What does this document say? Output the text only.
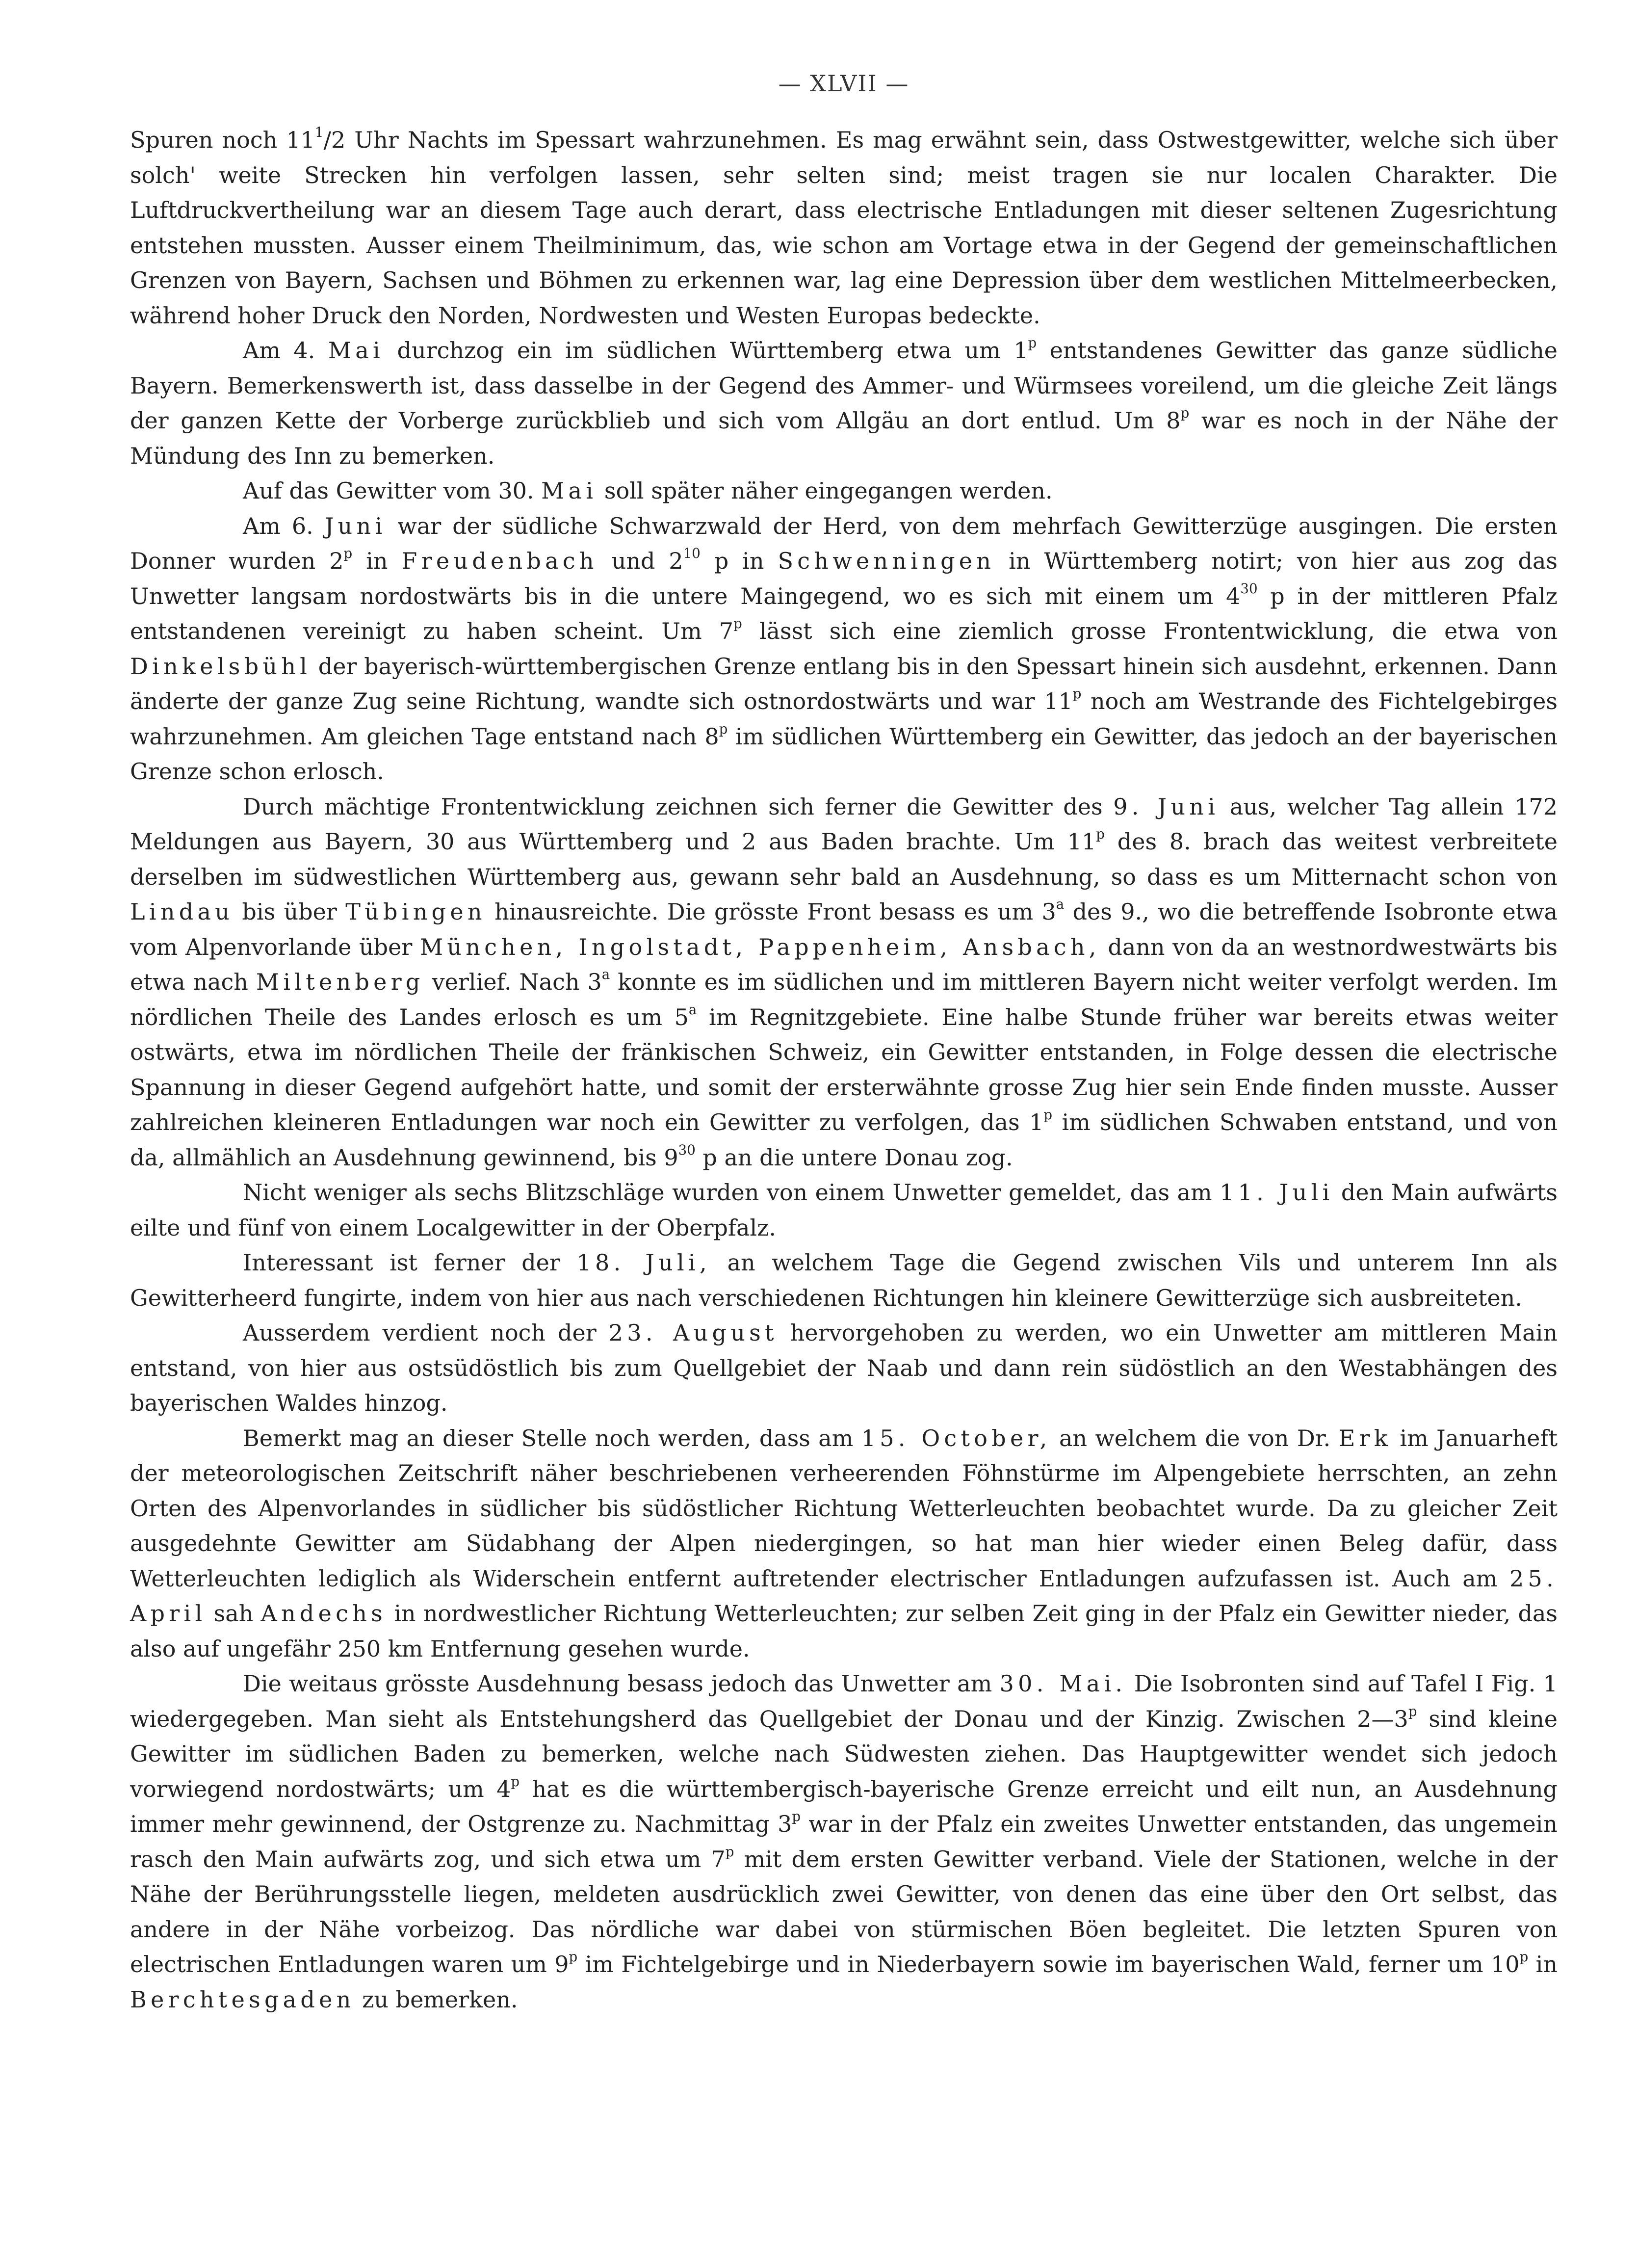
— XLVII —

Spuren noch $11^1/2$ Uhr Nachts im Spessart wahrzunehmen. Es mag erwähnt sein, dass Ostwestgewitter, welche sich über solch' weite Strecken hin verfolgen lassen, sehr selten sind; meist tragen sie nur localen Charakter. Die Luftdruckvertheilung war an diesem Tage auch derart, dass electrische Entladungen mit dieser seltenen Zugesrichtung entstehen mussten. Ausser einem Theilminimum, das, wie schon am Vortage etwa in der Gegend der gemeinschaftlichen Grenzen von Bayern, Sachsen und Böhmen zu erkennen war, lag eine Depression über dem westlichen Mittelmeerbecken, während hoher Druck den Norden, Nordwesten und Westen Europas bedeckte.

Am 4. Mai durchzog ein im südlichen Württemberg etwa um 1$^p$ entstandenes Gewitter das ganze südliche Bayern. Bemerkenswerth ist, dass dasselbe in der Gegend des Ammer- und Würmsees voreilend, um die gleiche Zeit längs der ganzen Kette der Vorberge zurückblieb und sich vom Allgäu an dort entlud. Um 8$^p$ war es noch in der Nähe der Mündung des Inn zu bemerken.

Auf das Gewitter vom 30. Mai soll später näher eingegangen werden.

Am 6. Juni war der südliche Schwarzwald der Herd, von dem mehrfach Gewitterzüge ausgingen. Die ersten Donner wurden 2$^p$ in Freudenbach und $2^{10}$ p in Schwenningen in Württemberg notirt; von hier aus zog das Unwetter langsam nordostwärts bis in die untere Maingegend, wo es sich mit einem um $4^{30}$ p in der mittleren Pfalz entstandenen vereinigt zu haben scheint. Um 7$^p$ lässt sich eine ziemlich grosse Frontentwicklung, die etwa von Dinkelsbühl der bayerisch-württembergischen Grenze entlang bis in den Spessart hinein sich ausdehnt, erkennen. Dann änderte der ganze Zug seine Richtung, wandte sich ostnordostwärts und war 11$^p$ noch am Westrande des Fichtelgebirges wahrzunehmen. Am gleichen Tage entstand nach 8$^p$ im südlichen Württemberg ein Gewitter, das jedoch an der bayerischen Grenze schon erlosch.

Durch mächtige Frontentwicklung zeichnen sich ferner die Gewitter des 9. Juni aus, welcher Tag allein 172 Meldungen aus Bayern, 30 aus Württemberg und 2 aus Baden brachte. Um 11$^p$ des 8. brach das weitest verbreitete derselben im südwestlichen Württemberg aus, gewann sehr bald an Ausdehnung, so dass es um Mitternacht schon von Lindau bis über Tübingen hinausreichte. Die grösste Front besass es um 3$^a$ des 9., wo die betreffende Isobronte etwa vom Alpenvorlande über München, Ingolstadt, Pappenheim, Ansbach, dann von da an westnordwestwärts bis etwa nach Miltenberg verlief. Nach 3$^a$ konnte es im südlichen und im mittleren Bayern nicht weiter verfolgt werden. Im nördlichen Theile des Landes erlosch es um 5$^a$ im Regnitzgebiete. Eine halbe Stunde früher war bereits etwas weiter ostwärts, etwa im nördlichen Theile der fränkischen Schweiz, ein Gewitter entstanden, in Folge dessen die electrische Spannung in dieser Gegend aufgehört hatte, und somit der ersterwähnte grosse Zug hier sein Ende finden musste. Ausser zahlreichen kleineren Entladungen war noch ein Gewitter zu verfolgen, das 1$^p$ im südlichen Schwaben entstand, und von da, allmählich an Ausdehnung gewinnend, bis $9^{30}$ p an die untere Donau zog.

Nicht weniger als sechs Blitzschläge wurden von einem Unwetter gemeldet, das am 11. Juli den Main aufwärts eilte und fünf von einem Localgewitter in der Oberpfalz.

Interessant ist ferner der 18. Juli, an welchem Tage die Gegend zwischen Vils und unterem Inn als Gewitterheerd fungirte, indem von hier aus nach verschiedenen Richtungen hin kleinere Gewitterzüge sich ausbreiteten.

Ausserdem verdient noch der 23. August hervorgehoben zu werden, wo ein Unwetter am mittleren Main entstand, von hier aus ostsüdöstlich bis zum Quellgebiet der Naab und dann rein südöstlich an den Westabhängen des bayerischen Waldes hinzog.

Bemerkt mag an dieser Stelle noch werden, dass am 15. October, an welchem die von Dr. Erk im Januarheft der meteorologischen Zeitschrift näher beschriebenen verheerenden Föhnstürme im Alpengebiete herrschten, an zehn Orten des Alpenvorlandes in südlicher bis südöstlicher Richtung Wetterleuchten beobachtet wurde. Da zu gleicher Zeit ausgedehnte Gewitter am Südabhang der Alpen niedergingen, so hat man hier wieder einen Beleg dafür, dass Wetterleuchten lediglich als Widerschein entfernt auftretender electrischer Entladungen aufzufassen ist. Auch am 25. April sah Andechs in nordwestlicher Richtung Wetterleuchten; zur selben Zeit ging in der Pfalz ein Gewitter nieder, das also auf ungefähr 250 km Entfernung gesehen wurde.

Die weitaus grösste Ausdehnung besass jedoch das Unwetter am 30. Mai. Die Isobronten sind auf Tafel I Fig. 1 wiedergegeben. Man sieht als Entstehungsherd das Quellgebiet der Donau und der Kinzig. Zwischen 2—3$^p$ sind kleine Gewitter im südlichen Baden zu bemerken, welche nach Südwesten ziehen. Das Hauptgewitter wendet sich jedoch vorwiegend nordostwärts; um 4$^p$ hat es die württembergisch-bayerische Grenze erreicht und eilt nun, an Ausdehnung immer mehr gewinnend, der Ostgrenze zu. Nachmittag 3$^p$ war in der Pfalz ein zweites Unwetter entstanden, das ungemein rasch den Main aufwärts zog, und sich etwa um 7$^p$ mit dem ersten Gewitter verband. Viele der Stationen, welche in der Nähe der Berührungsstelle liegen, meldeten ausdrücklich zwei Gewitter, von denen das eine über den Ort selbst, das andere in der Nähe vorbeizog. Das nördliche war dabei von stürmischen Böen begleitet. Die letzten Spuren von electrischen Entladungen waren um 9$^p$ im Fichtelgebirge und in Niederbayern sowie im bayerischen Wald, ferner um 10$^p$ in Berchtesgaden zu bemerken.
